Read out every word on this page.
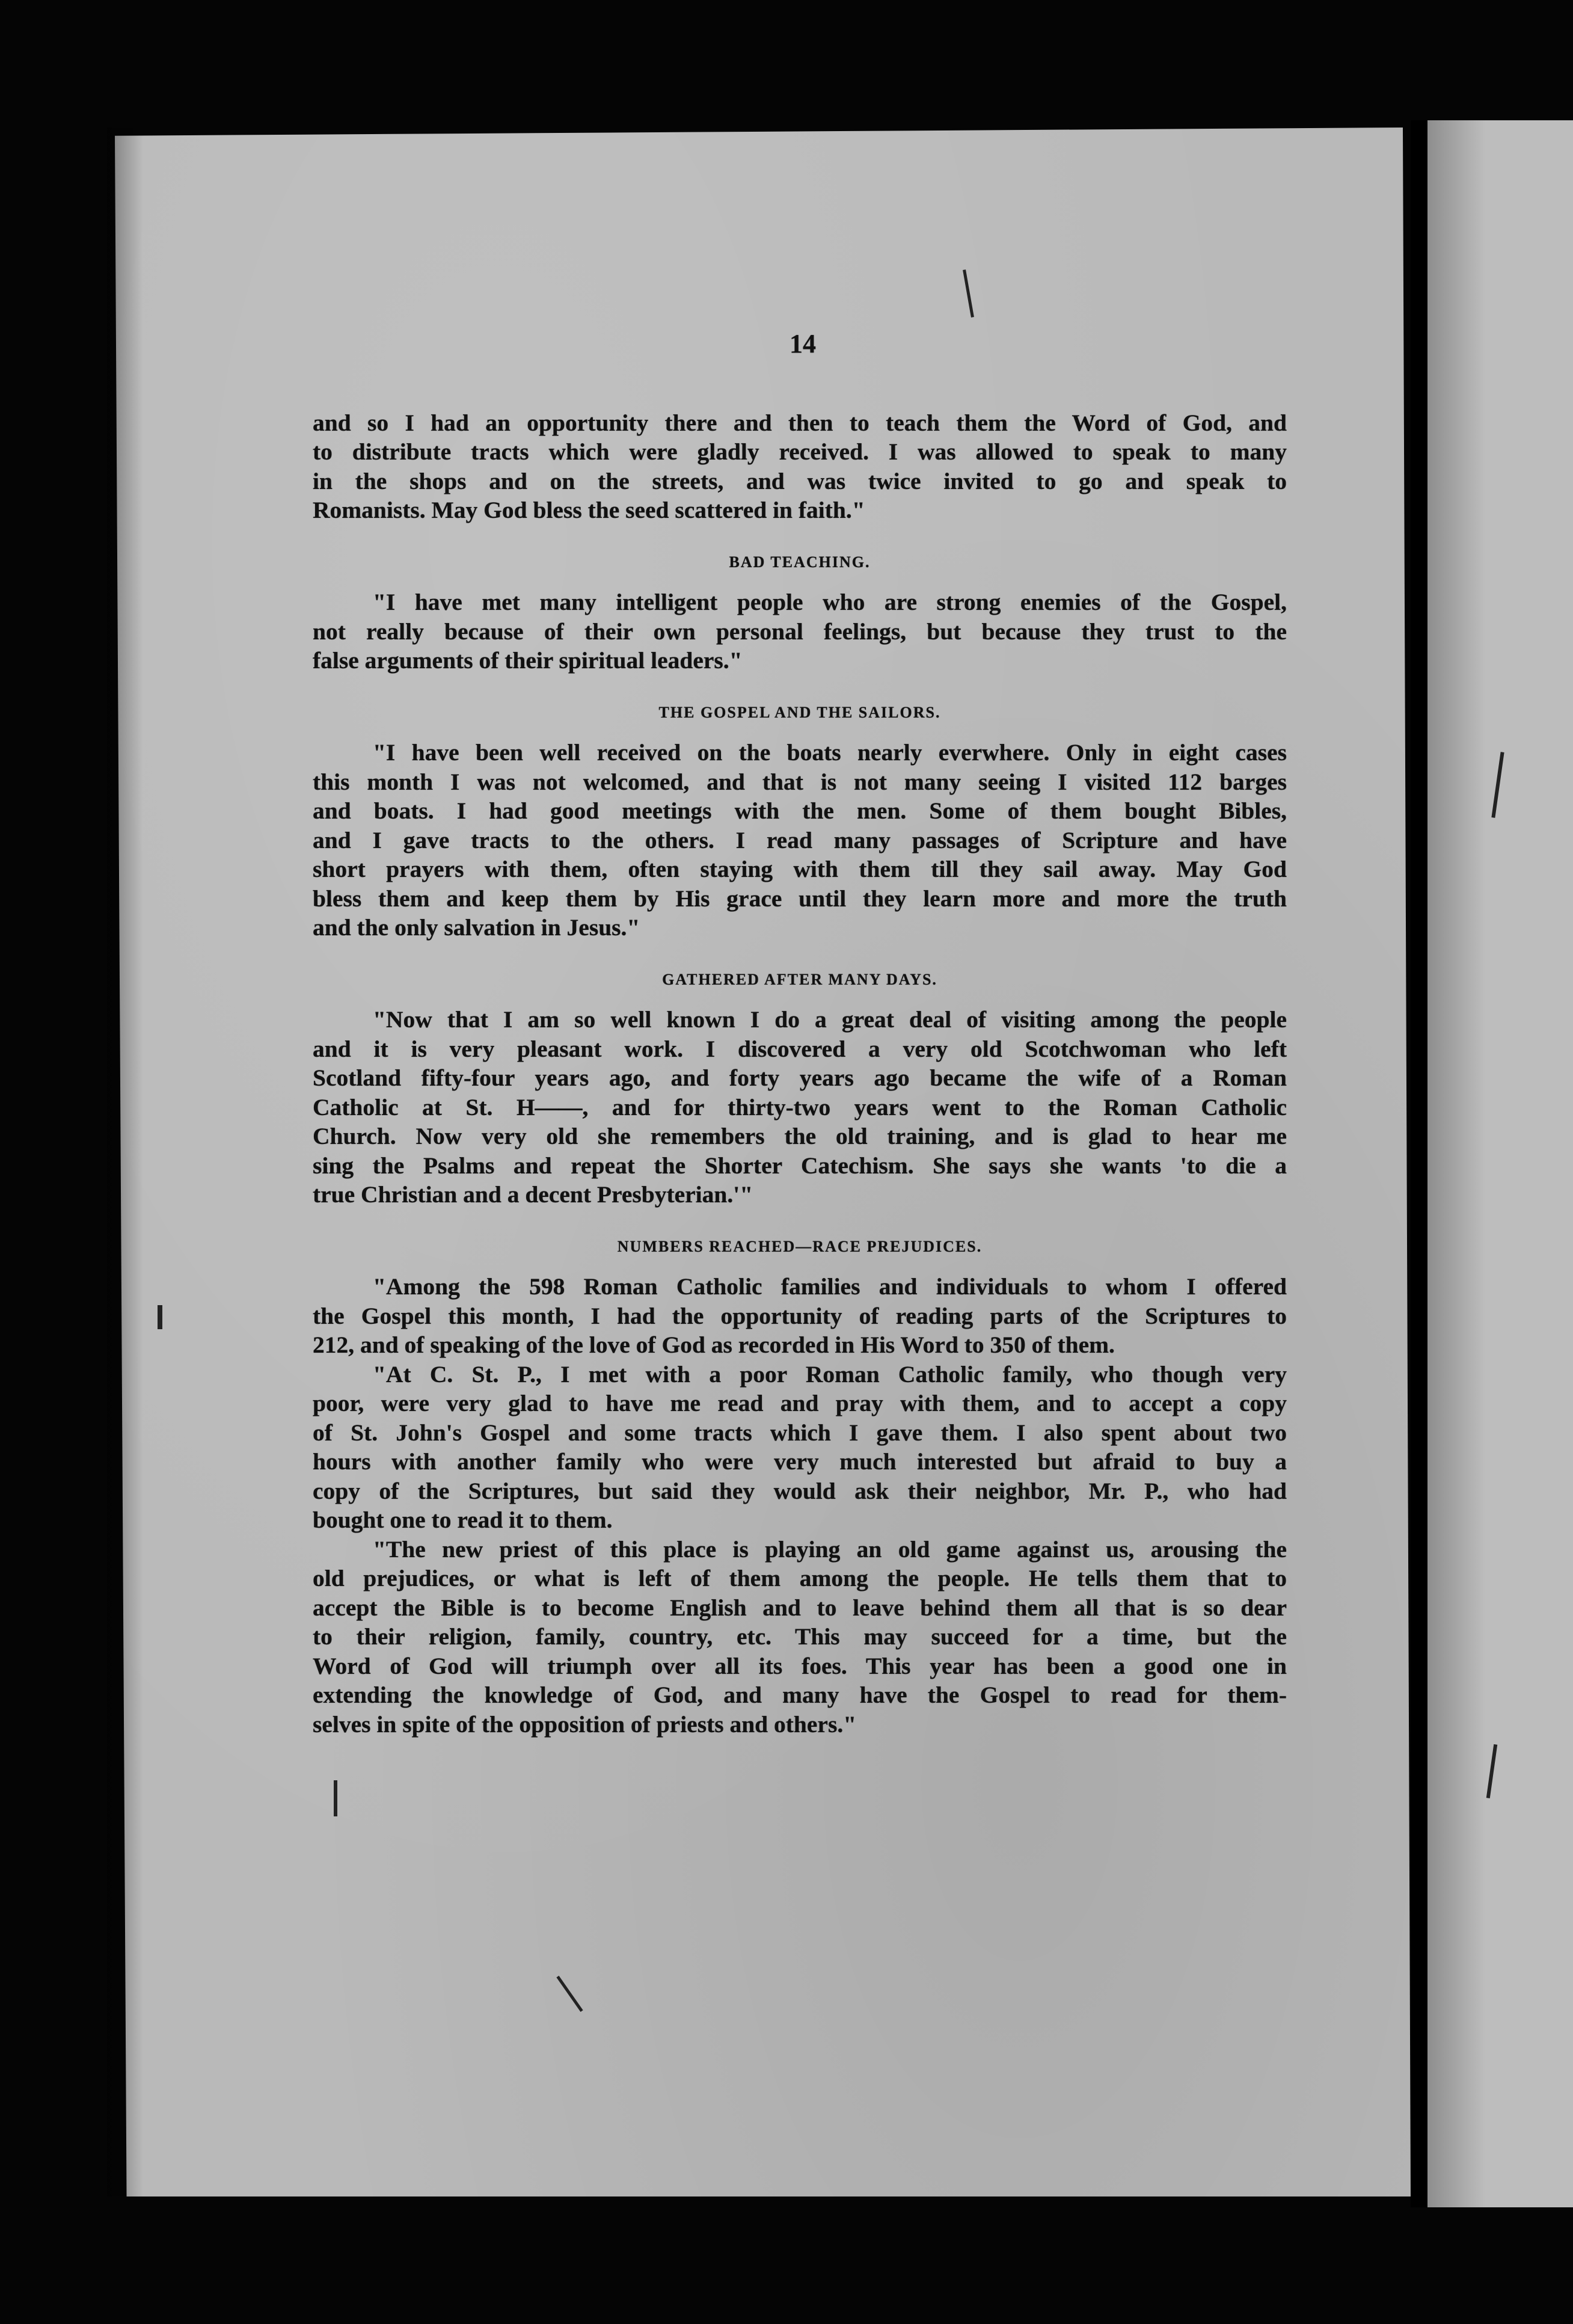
14
and so I had an opportunity there and then to teach them the Word of God, and
to distribute tracts which were gladly received. I was allowed to speak to many
in the shops and on the streets, and was twice invited to go and speak to
Romanists. May God bless the seed scattered in faith."
BAD TEACHING.
"I have met many intelligent people who are strong enemies of the Gospel,
not really because of their own personal feelings, but because they trust to the
false arguments of their spiritual leaders."
THE GOSPEL AND THE SAILORS.
"I have been well received on the boats nearly everwhere. Only in eight cases
this month I was not welcomed, and that is not many seeing I visited 112 barges
and boats. I had good meetings with the men. Some of them bought Bibles,
and I gave tracts to the others. I read many passages of Scripture and have
short prayers with them, often staying with them till they sail away. May God
bless them and keep them by His grace until they learn more and more the truth
and the only salvation in Jesus."
GATHERED AFTER MANY DAYS.
"Now that I am so well known I do a great deal of visiting among the people
and it is very pleasant work. I discovered a very old Scotchwoman who left
Scotland fifty-four years ago, and forty years ago became the wife of a Roman
Catholic at St. H——, and for thirty-two years went to the Roman Catholic
Church. Now very old she remembers the old training, and is glad to hear me
sing the Psalms and repeat the Shorter Catechism. She says she wants 'to die a
true Christian and a decent Presbyterian.'"
NUMBERS REACHED—RACE PREJUDICES.
"Among the 598 Roman Catholic families and individuals to whom I offered
the Gospel this month, I had the opportunity of reading parts of the Scriptures to
212, and of speaking of the love of God as recorded in His Word to 350 of them.
"At C. St. P., I met with a poor Roman Catholic family, who though very
poor, were very glad to have me read and pray with them, and to accept a copy
of St. John's Gospel and some tracts which I gave them. I also spent about two
hours with another family who were very much interested but afraid to buy a
copy of the Scriptures, but said they would ask their neighbor, Mr. P., who had
bought one to read it to them.
"The new priest of this place is playing an old game against us, arousing the
old prejudices, or what is left of them among the people. He tells them that to
accept the Bible is to become English and to leave behind them all that is so dear
to their religion, family, country, etc. This may succeed for a time, but the
Word of God will triumph over all its foes. This year has been a good one in
extending the knowledge of God, and many have the Gospel to read for them-
selves in spite of the opposition of priests and others."
